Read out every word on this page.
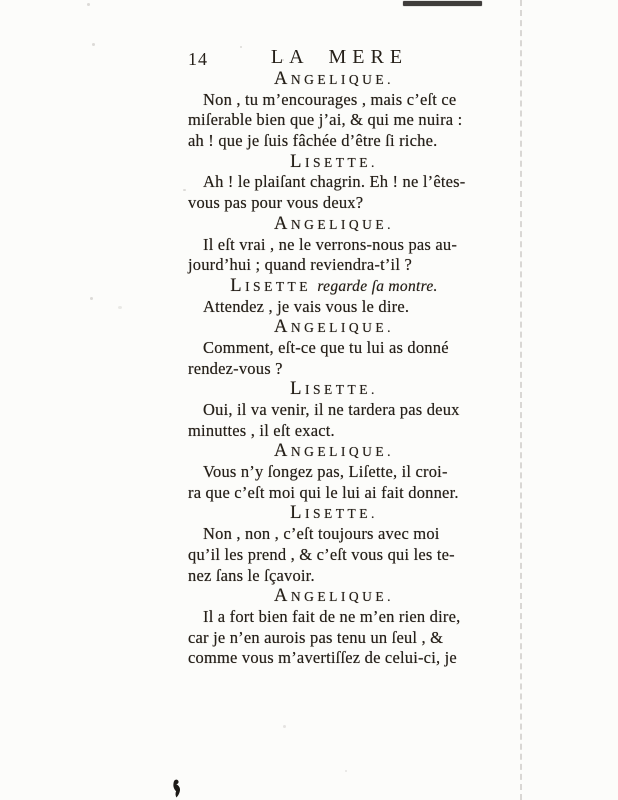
14	LA MERE
ANGELIQUE.
Non , tu m’encourages , mais c’eſt ce
miſerable bien que j’ai, & qui me nuira :
ah ! que je ſuis fâchée d’être ſi riche.
LISETTE.
Ah ! le plaiſant chagrin. Eh ! ne l’êtes-
vous pas pour vous deux?
ANGELIQUE.
Il eſt vrai , ne le verrons-nous pas au-
jourd’hui ; quand reviendra-t’il ?
LISETTE regarde ſa montre.
Attendez , je vais vous le dire.
ANGELIQUE.
Comment, eſt-ce que tu lui as donné
rendez-vous ?
LISETTE.
Oui, il va venir, il ne tardera pas deux
minuttes , il eſt exact.
ANGELIQUE.
Vous n’y ſongez pas, Liſette, il croi-
ra que c’eſt moi qui le lui ai fait donner.
LISETTE.
Non , non , c’eſt toujours avec moi
qu’il les prend , & c’eſt vous qui les te-
nez ſans le ſçavoir.
ANGELIQUE.
Il a fort bien fait de ne m’en rien dire,
car je n’en aurois pas tenu un ſeul , &
comme vous m’avertiſſez de celui-ci, je
